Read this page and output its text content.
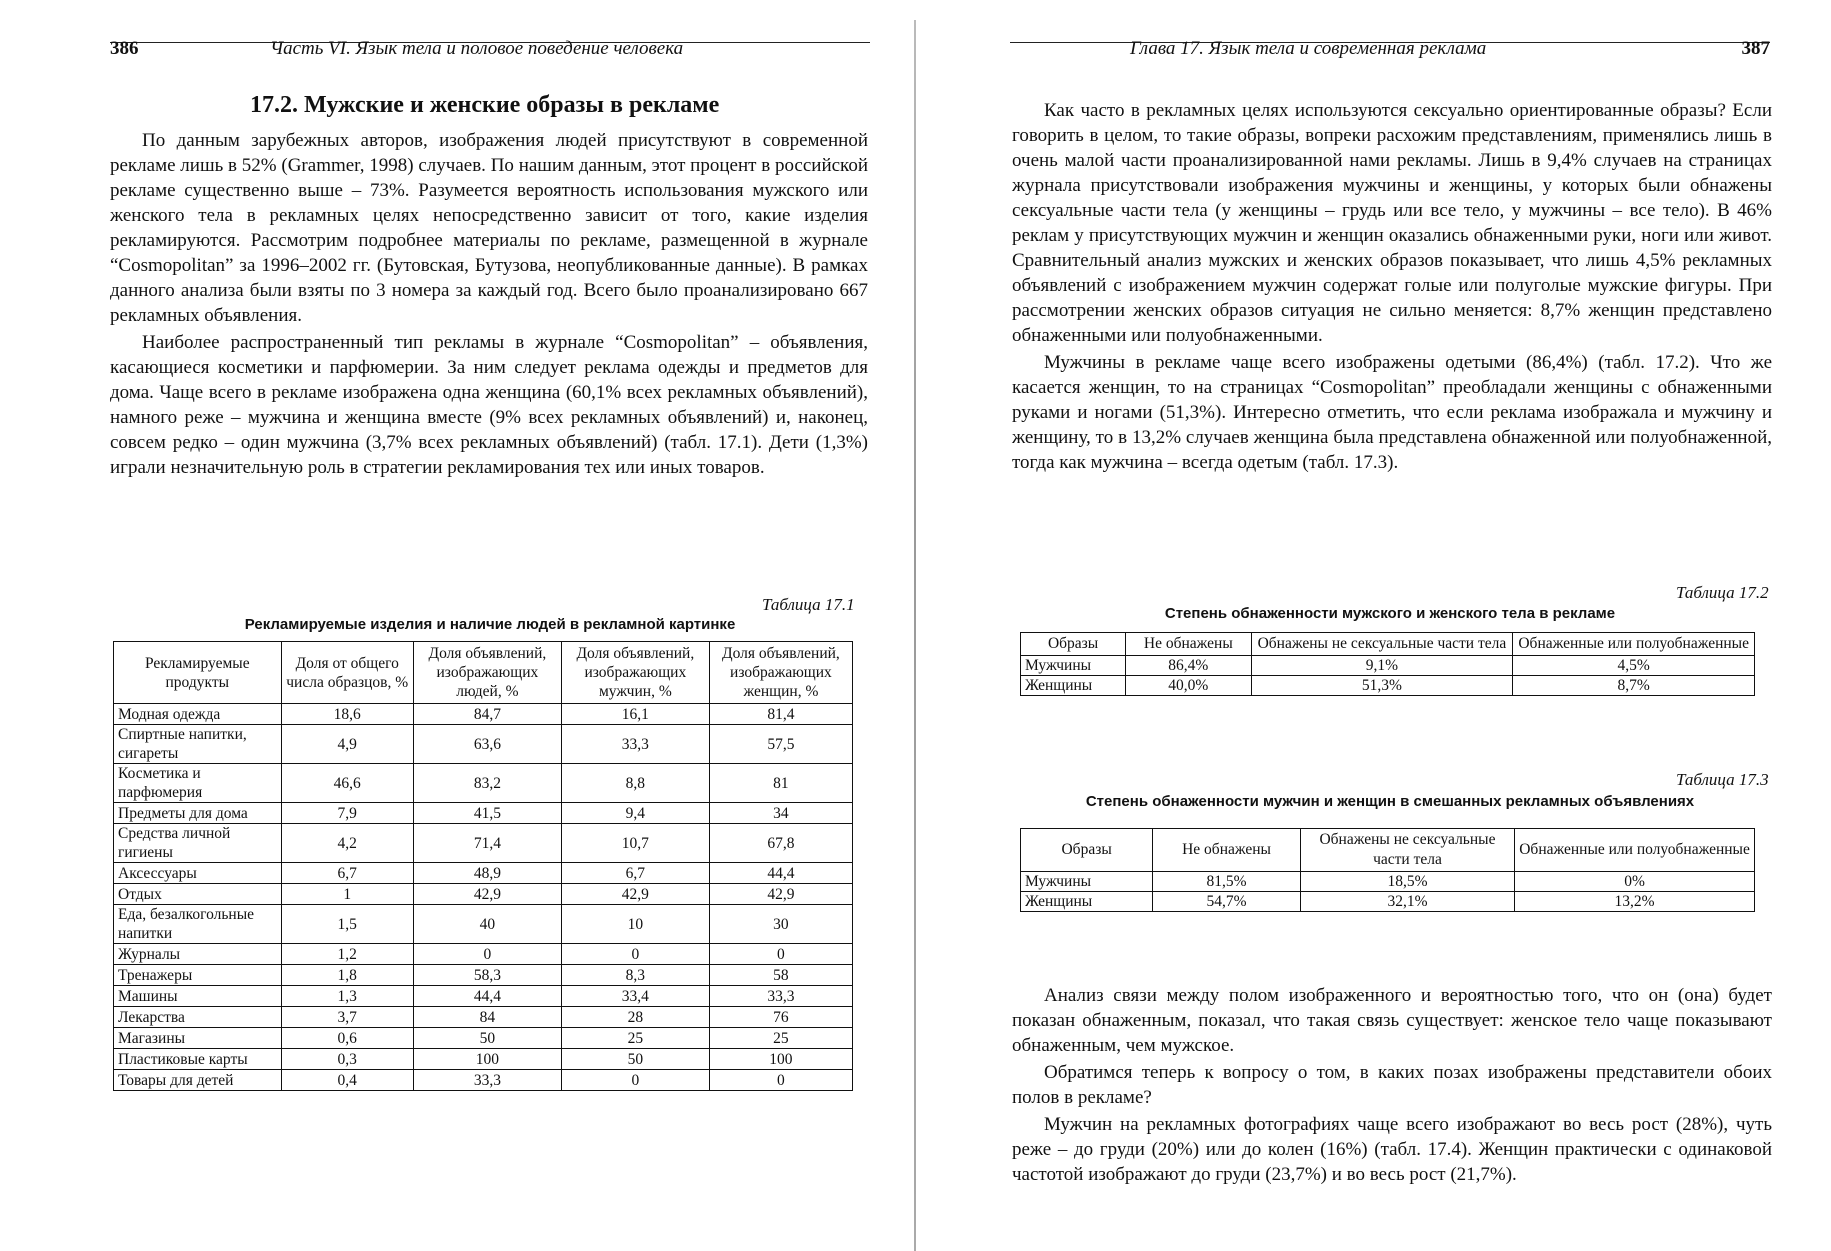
386	Часть VI. Язык тела и половое поведение человека
17.2. Мужские и женские образы в рекламе

По данным зарубежных авторов, изображения людей присутствуют в современной рекламе лишь в 52% (Grammer, 1998) случаев. По нашим данным, этот процент в российской рекламе существенно выше – 73%. Разумеется вероятность использования мужского или женского тела в рекламных целях непосредственно зависит от того, какие изделия рекламируются. Рассмотрим подробнее материалы по рекламе, размещенной в журнале “Cosmopolitan” за 1996–2002 гг. (Бутовская, Бутузова, неопубликованные данные). В рамках данного анализа были взяты по 3 номера за каждый год. Всего было проанализировано 667 рекламных объявления.

Наиболее распространенный тип рекламы в журнале “Cosmopolitan” – объявления, касающиеся косметики и парфюмерии. За ним следует реклама одежды и предметов для дома. Чаще всего в рекламе изображена одна женщина (60,1% всех рекламных объявлений), намного реже – мужчина и женщина вместе (9% всех рекламных объявлений) и, наконец, совсем редко – один мужчина (3,7% всех рекламных объявлений) (табл. 17.1). Дети (1,3%) играли незначительную роль в стратегии рекламирования тех или иных товаров.

Таблица 17.1
Рекламируемые изделия и наличие людей в рекламной картинке
Рекламируемые продукты	Доля от общего числа образцов, %	Доля объявлений, изображающих людей, %	Доля объявлений, изображающих мужчин, %	Доля объявлений, изображающих женщин, %
Модная одежда	18,6	84,7	16,1	81,4
Спиртные напитки, сигареты	4,9	63,6	33,3	57,5
Косметика и парфюмерия	46,6	83,2	8,8	81
Предметы для дома	7,9	41,5	9,4	34
Средства личной гигиены	4,2	71,4	10,7	67,8
Аксессуары	6,7	48,9	6,7	44,4
Отдых	1	42,9	42,9	42,9
Еда, безалкогольные напитки	1,5	40	10	30
Журналы	1,2	0	0	0
Тренажеры	1,8	58,3	8,3	58
Машины	1,3	44,4	33,4	33,3
Лекарства	3,7	84	28	76
Магазины	0,6	50	25	25
Пластиковые карты	0,3	100	50	100
Товары для детей	0,4	33,3	0	0
Глава 17. Язык тела и современная реклама	387

Как часто в рекламных целях используются сексуально ориентированные образы? Если говорить в целом, то такие образы, вопреки расхожим представлениям, применялись лишь в очень малой части проанализированной нами рекламы. Лишь в 9,4% случаев на страницах журнала присутствовали изображения мужчины и женщины, у которых были обнажены сексуальные части тела (у женщины – грудь или все тело, у мужчины – все тело). В 46% реклам у присутствующих мужчин и женщин оказались обнаженными руки, ноги или живот. Сравнительный анализ мужских и женских образов показывает, что лишь 4,5% рекламных объявлений с изображением мужчин содержат голые или полуголые мужские фигуры. При рассмотрении женских образов ситуация не сильно меняется: 8,7% женщин представлено обнаженными или полуобнаженными.

Мужчины в рекламе чаще всего изображены одетыми (86,4%) (табл. 17.2). Что же касается женщин, то на страницах “Cosmopolitan” преобладали женщины с обнаженными руками и ногами (51,3%). Интересно отметить, что если реклама изображала и мужчину и женщину, то в 13,2% случаев женщина была представлена обнаженной или полуобнаженной, тогда как мужчина – всегда одетым (табл. 17.3).

Таблица 17.2
Степень обнаженности мужского и женского тела в рекламе
Образы	Не обнажены	Обнажены не сексуальные части тела	Обнаженные или полуобнаженные
Мужчины	86,4%	9,1%	4,5%
Женщины	40,0%	51,3%	8,7%
Таблица 17.3
Степень обнаженности мужчин и женщин в смешанных рекламных объявлениях
Образы	Не обнажены	Обнажены не сексуальные части тела	Обнаженные или полуобнаженные
Мужчины	81,5%	18,5%	0%
Женщины	54,7%	32,1%	13,2%

Анализ связи между полом изображенного и вероятностью того, что он (она) будет показан обнаженным, показал, что такая связь существует: женское тело чаще показывают обнаженным, чем мужское.

Обратимся теперь к вопросу о том, в каких позах изображены представители обоих полов в рекламе?

Мужчин на рекламных фотографиях чаще всего изображают во весь рост (28%), чуть реже – до груди (20%) или до колен (16%) (табл. 17.4). Женщин практически с одинаковой частотой изображают до груди (23,7%) и во весь рост (21,7%).
